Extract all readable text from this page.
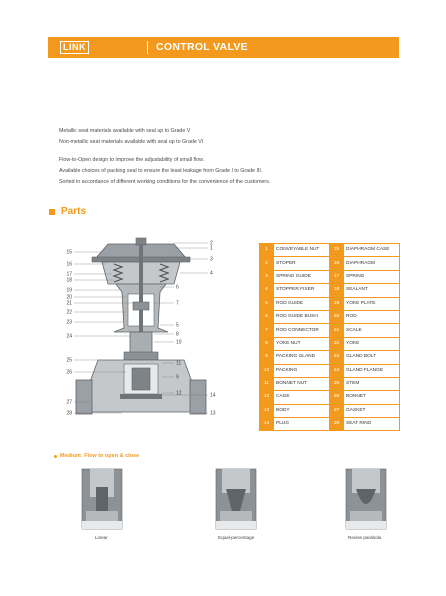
LINK	CONTROL VALVE
Metallic seat materials available with seal up to Grade V
Non-metallic seat materials available with seal up to Grade VI
Flow-to-Open design to improve the adjustability of small flow.
Available choices of packing seal to ensure the least leakage from Grade I to Grade III.
Sorted in accordance of different working conditions for the convenience of the customers.
Parts
15
16
17
18
19
20
21
22
23
24
25
26
27
28
2
1
3
4
6
7
5
8
10
11
9
12	14
13
1	CONVEYABLE NUT	15	DIAPHRAGM CASE
2	STOPER	16	DIAPHRAGM
3	SPRING GUIDE	17	SPRING
4	STOPPER FIXER	18	SEALANT
5	ROD GUIDE	19	YOKE PLATE
6	ROD GUIDE BUSH	20	ROD
7	ROD CONNECTOR	21	SCALE
8	YOKE NUT	22	YOKE
9	PACKING GLAND	23	GLAND BOLT
10	PACKING	24	GLAND FLANGE
11	BONNET NUT	25	STEM
12	CAGE	26	BONNET
13	BODY	27	GASKET
14	PLUG	28	SEAT RING
Medium: Flow to open & close
Linear	Equal-percentage	Revise parabola
